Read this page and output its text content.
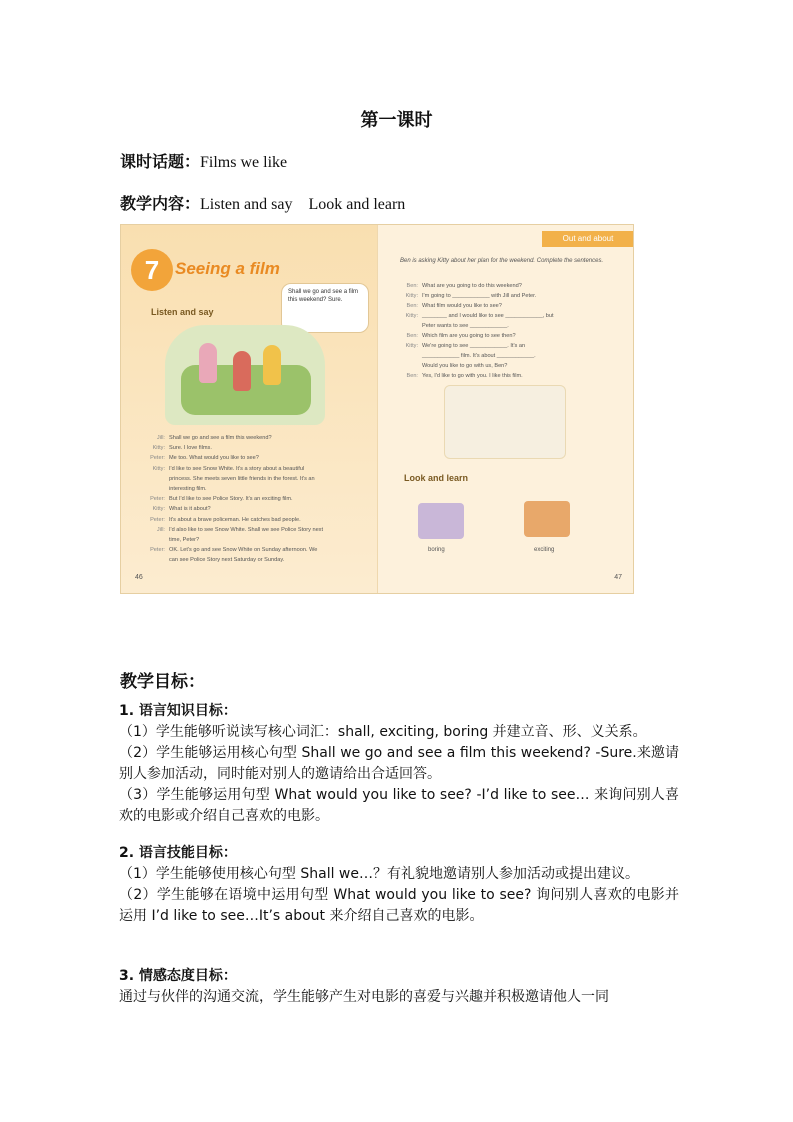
第一课时
课时话题：Films we like
教学内容：Listen and say    Look and learn
7 Seeing a film
Shall we go and see a film this weekend? Sure.
Listen and say
Jill: Shall we go and see a film this weekend?
Kitty: Sure. I love films.
Peter: Me too. What would you like to see?
Kitty: I'd like to see Snow White. It's a story about a beautiful
princess. She meets seven little friends in the forest. It's an
interesting film.
Peter: But I'd like to see Police Story. It's an exciting film.
Kitty: What is it about?
Peter: It's about a brave policeman. He catches bad people.
Jill: I'd also like to see Snow White. Shall we see Police Story next
time, Peter?
Peter: OK. Let's go and see Snow White on Sunday afternoon. We
can see Police Story next Saturday or Sunday.
46
Out and about
Ben is asking Kitty about her plan for the weekend. Complete the sentences.
Ben: What are you going to do this weekend?
Kitty: I'm going to ____________ with Jill and Peter.
Ben: What film would you like to see?
Kitty: ________ and I would like to see ____________, but
Peter wants to see ____________.
Ben: Which film are you going to see then?
Kitty: We're going to see ____________. It's an
____________ film. It's about ____________.
Would you like to go with us, Ben?
Ben: Yes, I'd like to go with you. I like this film.
Look and learn
boring	exciting
47
教学目标：
1. 语言知识目标：
（1）学生能够听说读写核心词汇：shall, exciting, boring 并建立音、形、义关系。
（2）学生能够运用核心句型 Shall we go and see a film this weekend? -Sure.来邀请别人参加活动，同时能对别人的邀请给出合适回答。
（3）学生能够运用句型 What would you like to see? -I’d like to see… 来询问别人喜欢的电影或介绍自己喜欢的电影。
2. 语言技能目标：
（1）学生能够使用核心句型 Shall we…？有礼貌地邀请别人参加活动或提出建议。
（2）学生能够在语境中运用句型 What would you like to see? 询问别人喜欢的电影并运用 I’d like to see…It’s about 来介绍自己喜欢的电影。
3. 情感态度目标：
通过与伙伴的沟通交流，学生能够产生对电影的喜爱与兴趣并积极邀请他人一同
